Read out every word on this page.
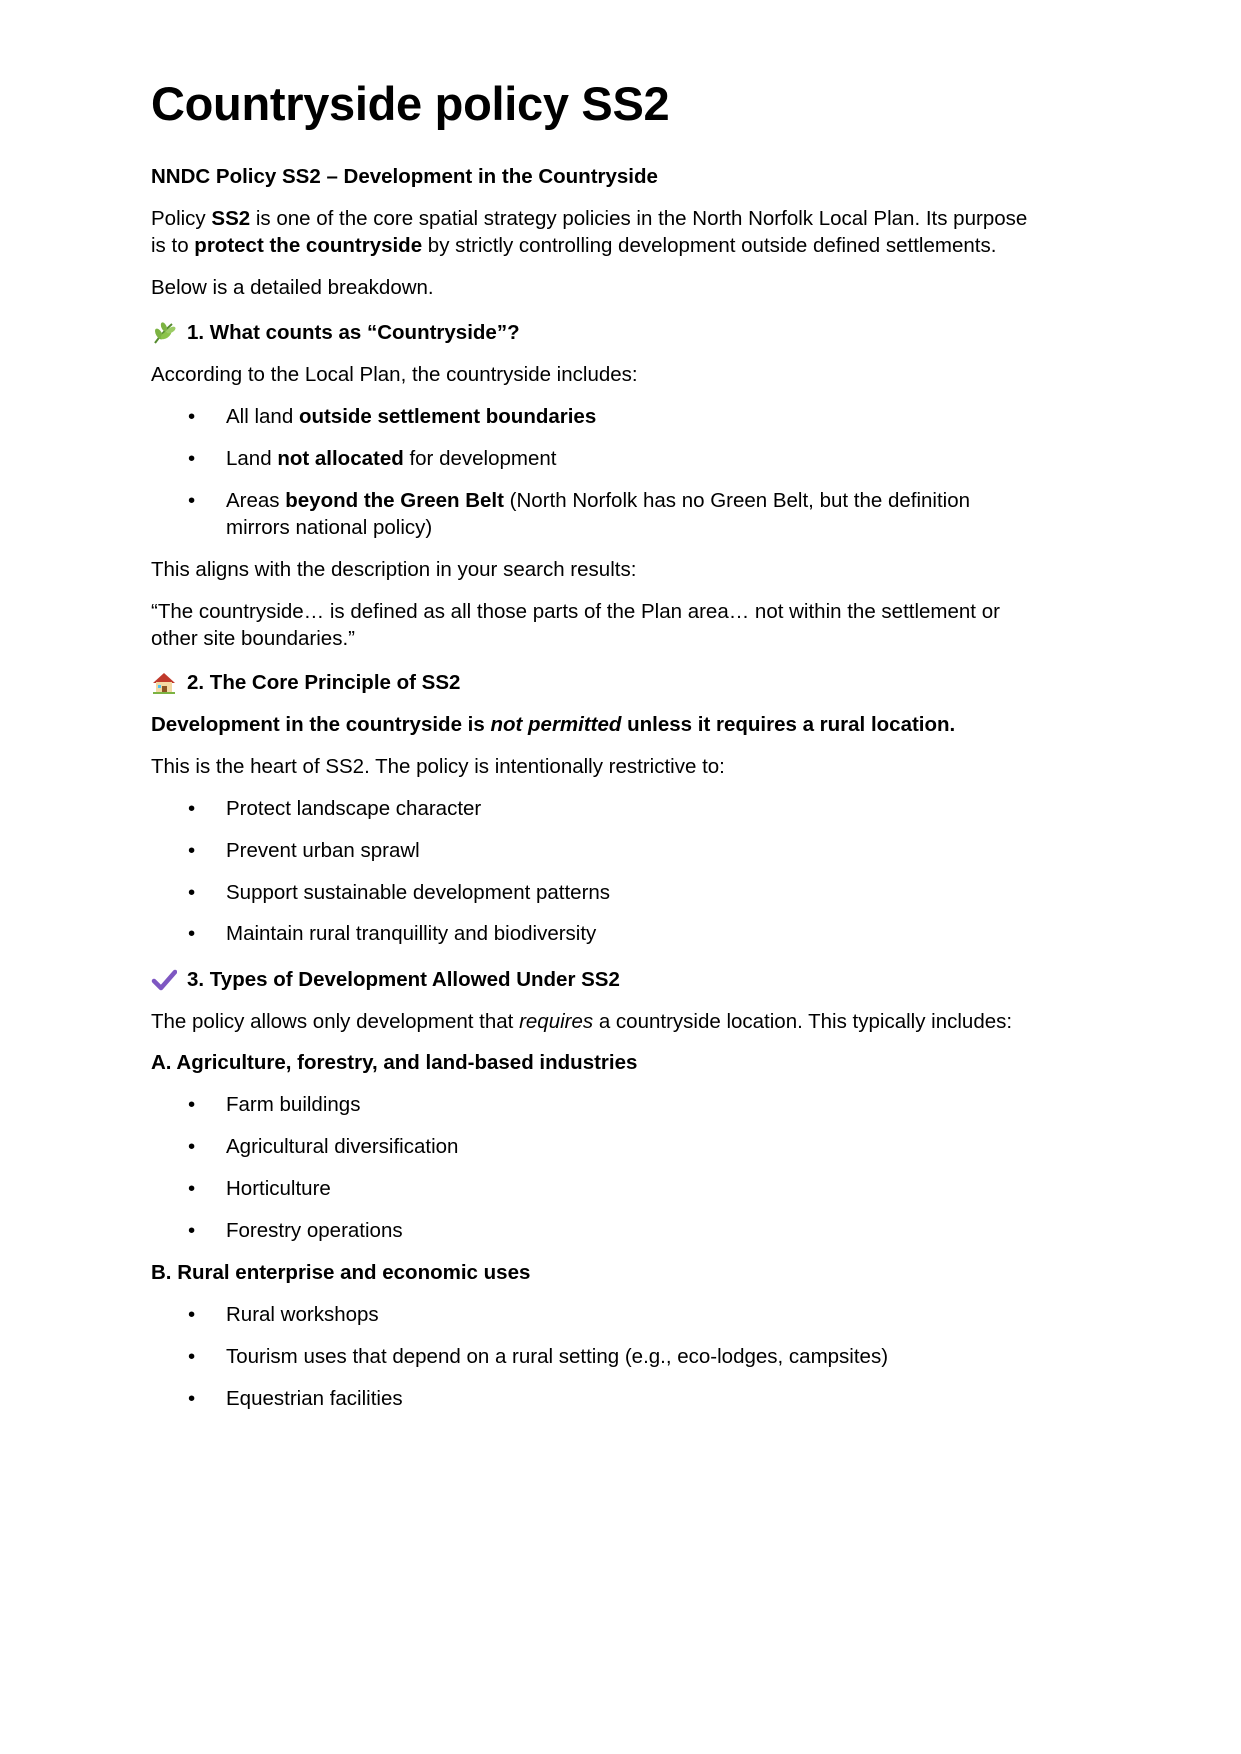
Countryside policy SS2
NNDC Policy SS2 – Development in the Countryside
Policy SS2 is one of the core spatial strategy policies in the North Norfolk Local Plan. Its purpose
is to protect the countryside by strictly controlling development outside defined settlements.
Below is a detailed breakdown.
1. What counts as “Countryside”?
According to the Local Plan, the countryside includes:
• All land outside settlement boundaries
• Land not allocated for development
• Areas beyond the Green Belt (North Norfolk has no Green Belt, but the definition
mirrors national policy)
This aligns with the description in your search results:
“The countryside… is defined as all those parts of the Plan area… not within the settlement or
other site boundaries.”
2. The Core Principle of SS2
Development in the countryside is not permitted unless it requires a rural location.
This is the heart of SS2. The policy is intentionally restrictive to:
• Protect landscape character
• Prevent urban sprawl
• Support sustainable development patterns
• Maintain rural tranquillity and biodiversity
3. Types of Development Allowed Under SS2
The policy allows only development that requires a countryside location. This typically includes:
A. Agriculture, forestry, and land-based industries
• Farm buildings
• Agricultural diversification
• Horticulture
• Forestry operations
B. Rural enterprise and economic uses
• Rural workshops
• Tourism uses that depend on a rural setting (e.g., eco-lodges, campsites)
• Equestrian facilities
